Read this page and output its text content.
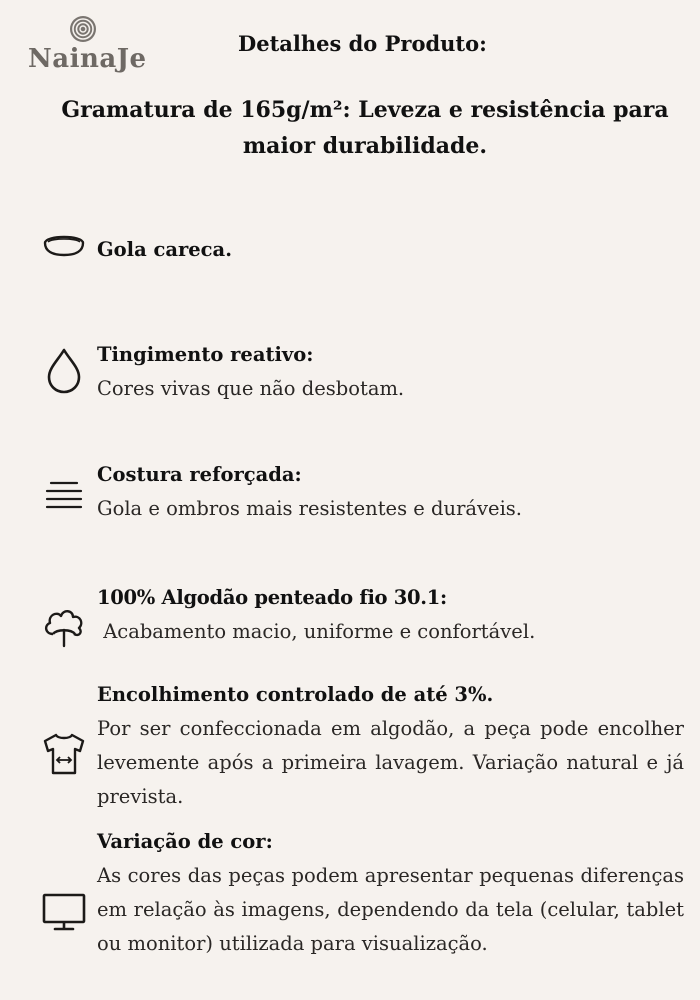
NainaJe
Detalhes do Produto:

Gramatura de 165g/m²: Leveza e resistência para maior durabilidade.

Gola careca.
Tingimento reativo:
Cores vivas que não desbotam.
Costura reforçada:
Gola e ombros mais resistentes e duráveis.
100% Algodão penteado fio 30.1:
Acabamento macio, uniforme e confortável.
Encolhimento controlado de até 3%.
Por ser confeccionada em algodão, a peça pode encolher levemente após a primeira lavagem. Variação natural e já prevista.
Variação de cor:
As cores das peças podem apresentar pequenas diferenças em relação às imagens, dependendo da tela (celular, tablet ou monitor) utilizada para visualização.
